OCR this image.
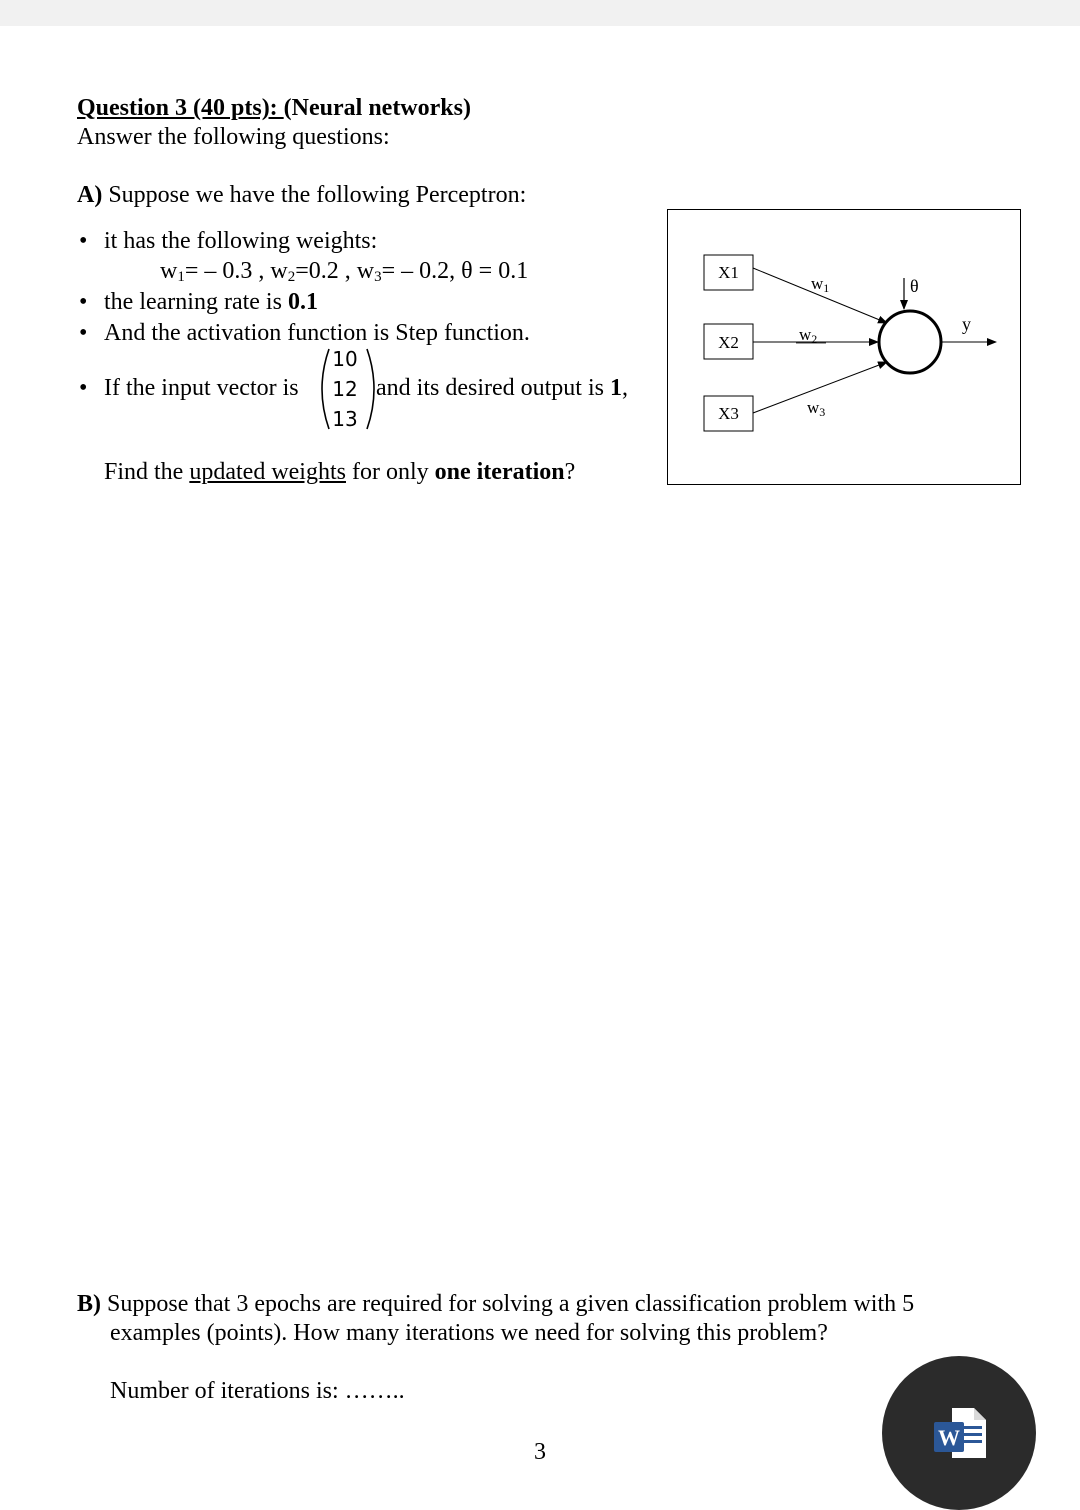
Question 3 (40 pts): (Neural networks)
Answer the following questions:
A) Suppose we have the following Perceptron:
• it has the following weights:
$w_1= - 0.3$ , $w_2=0.2$ , $w_3= - 0.2$, θ = 0.1
• the learning rate is 0.1
• And the activation function is Step function.
• If the input vector is
10
12
13
and its desired output is 1,
Find the updated weights for only one iteration?
X1
X2
X3
w1
w2
w3
θ
y
B) Suppose that 3 epochs are required for solving a given classification problem with 5
examples (points). How many iterations we need for solving this problem?
Number of iterations is: ……..
3
W
